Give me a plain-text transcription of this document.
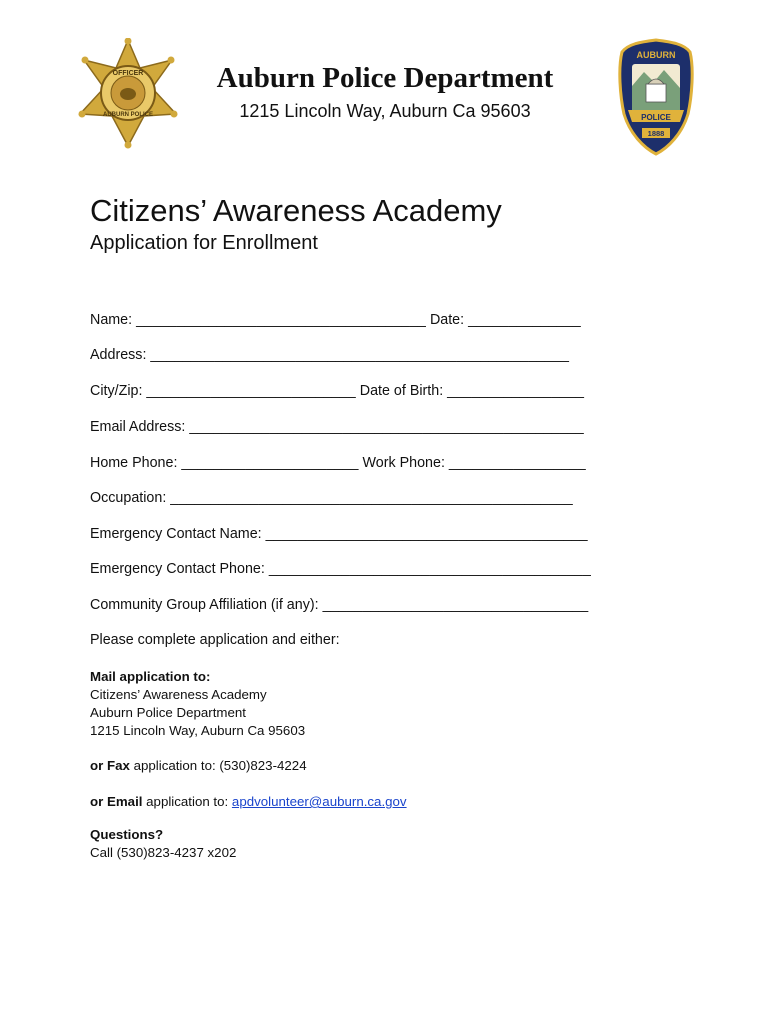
OFFICER
AUBURN POLICE
AUBURN
POLICE
1888
Auburn Police Department
1215 Lincoln Way, Auburn Ca 95603
Citizens’ Awareness Academy
Application for Enrollment
Name: ____________________________________ Date: ______________
Address: ____________________________________________________
City/Zip: __________________________ Date of Birth: _________________
Email Address: _________________________________________________
Home Phone: ______________________ Work Phone: _________________
Occupation: __________________________________________________
Emergency Contact Name: ________________________________________
Emergency Contact Phone: ________________________________________
Community Group Affiliation (if any): _________________________________
Please complete application and either:
Mail application to:
Citizens’ Awareness Academy
Auburn Police Department
1215 Lincoln Way, Auburn Ca 95603
or Fax application to: (530)823-4224
or Email application to: apdvolunteer@auburn.ca.gov
Questions?
Call (530)823-4237 x202
